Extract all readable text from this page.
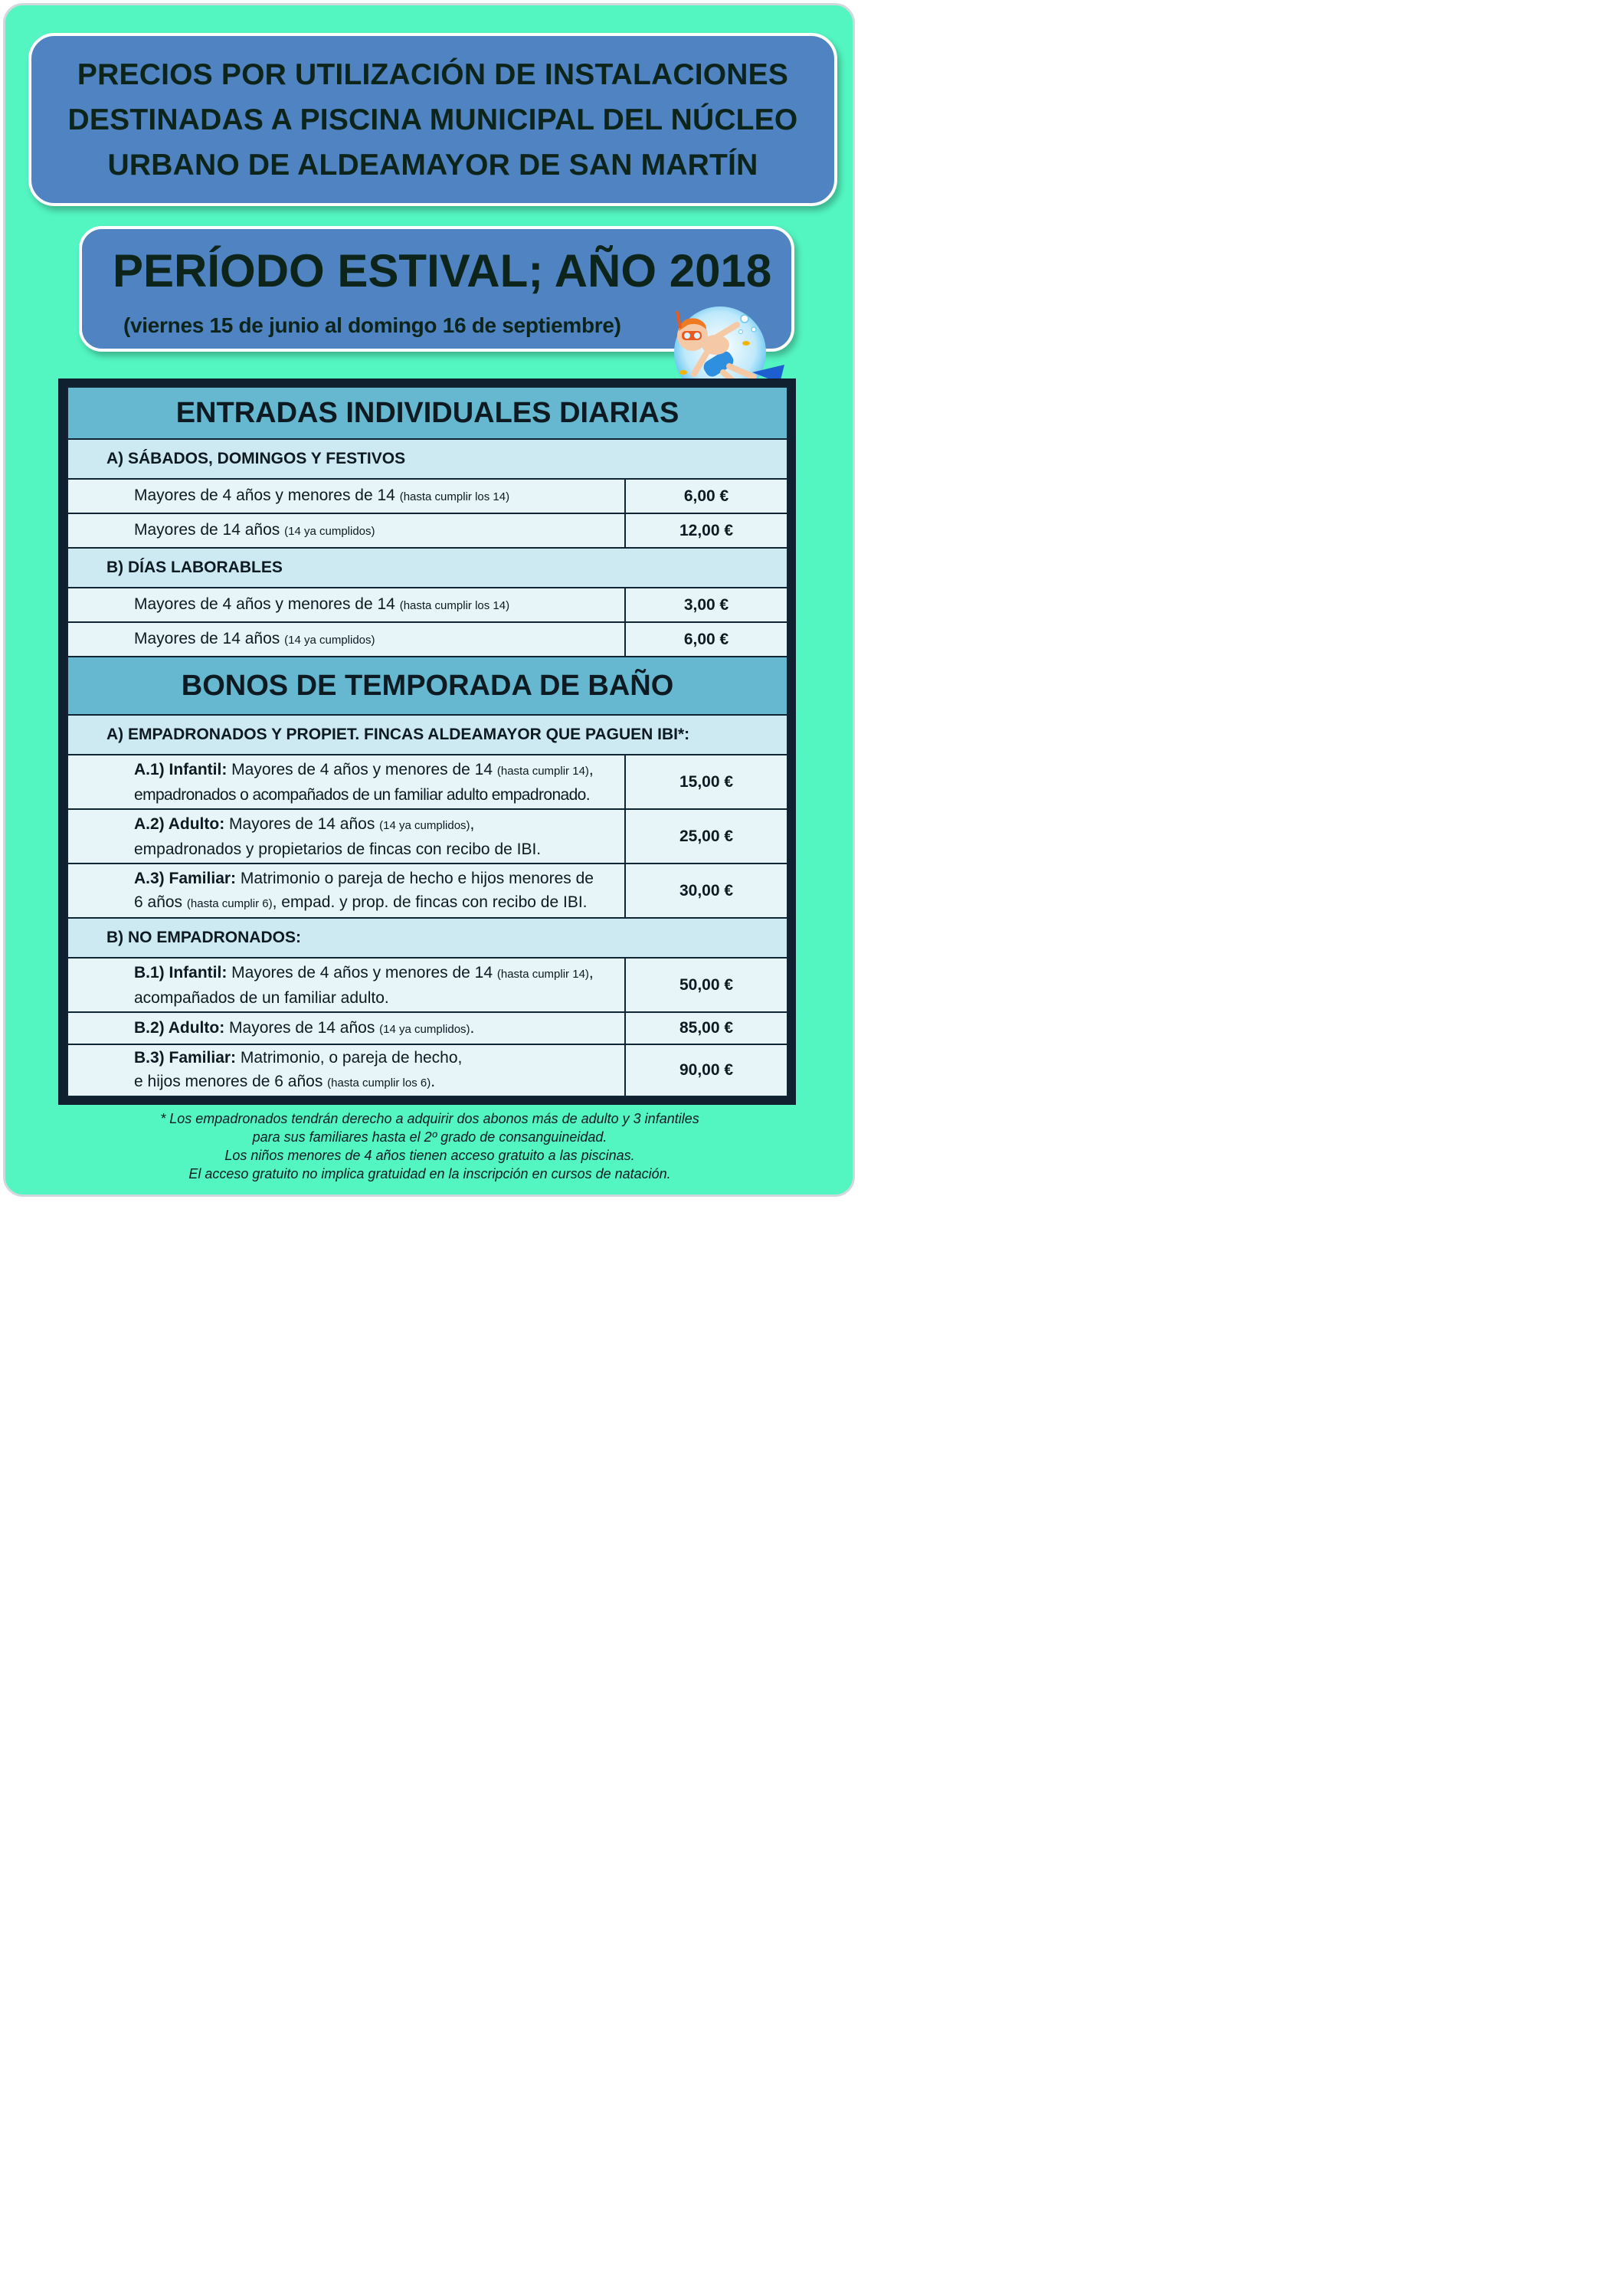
PRECIOS POR UTILIZACIÓN DE INSTALACIONES
DESTINADAS A PISCINA MUNICIPAL DEL NÚCLEO
URBANO DE ALDEAMAYOR DE SAN MARTÍN
PERÍODO ESTIVAL; AÑO 2018
(viernes 15 de junio al domingo 16 de septiembre)
ENTRADAS INDIVIDUALES DIARIAS	
A) SÁBADOS, DOMINGOS Y FESTIVOS	
Mayores de 4 años y menores de 14 (hasta cumplir los 14)	6,00 €
Mayores de 14 años (14 ya cumplidos)	12,00 €
B) DÍAS LABORABLES	
Mayores de 4 años y menores de 14 (hasta cumplir los 14)	3,00 €
Mayores de 14 años (14 ya cumplidos)	6,00 €
BONOS DE TEMPORADA DE BAÑO	
A) EMPADRONADOS Y PROPIET. FINCAS ALDEAMAYOR QUE PAGUEN IBI*:	
A.1) Infantil: Mayores de 4 años y menores de 14 (hasta cumplir 14),
empadronados o acompañados de un familiar adulto empadronado.	15,00 €
A.2) Adulto: Mayores de 14 años (14 ya cumplidos),
empadronados y propietarios de fincas con recibo de IBI.	25,00 €
A.3) Familiar: Matrimonio o pareja de hecho e hijos menores de
6 años (hasta cumplir 6), empad. y prop. de fincas con recibo de IBI.	30,00 €
B) NO EMPADRONADOS:	
B.1) Infantil: Mayores de 4 años y menores de 14 (hasta cumplir 14),
acompañados de un familiar adulto.	50,00 €
B.2) Adulto: Mayores de 14 años (14 ya cumplidos).	85,00 €
B.3) Familiar: Matrimonio, o pareja de hecho,
e hijos menores de 6 años (hasta cumplir los 6).	90,00 €
* Los empadronados tendrán derecho a adquirir dos abonos más de adulto y 3 infantiles
para sus familiares hasta el 2º grado de consanguineidad.
Los niños menores de 4 años tienen acceso gratuito a las piscinas.
El acceso gratuito no implica gratuidad en la inscripción en cursos de natación.
